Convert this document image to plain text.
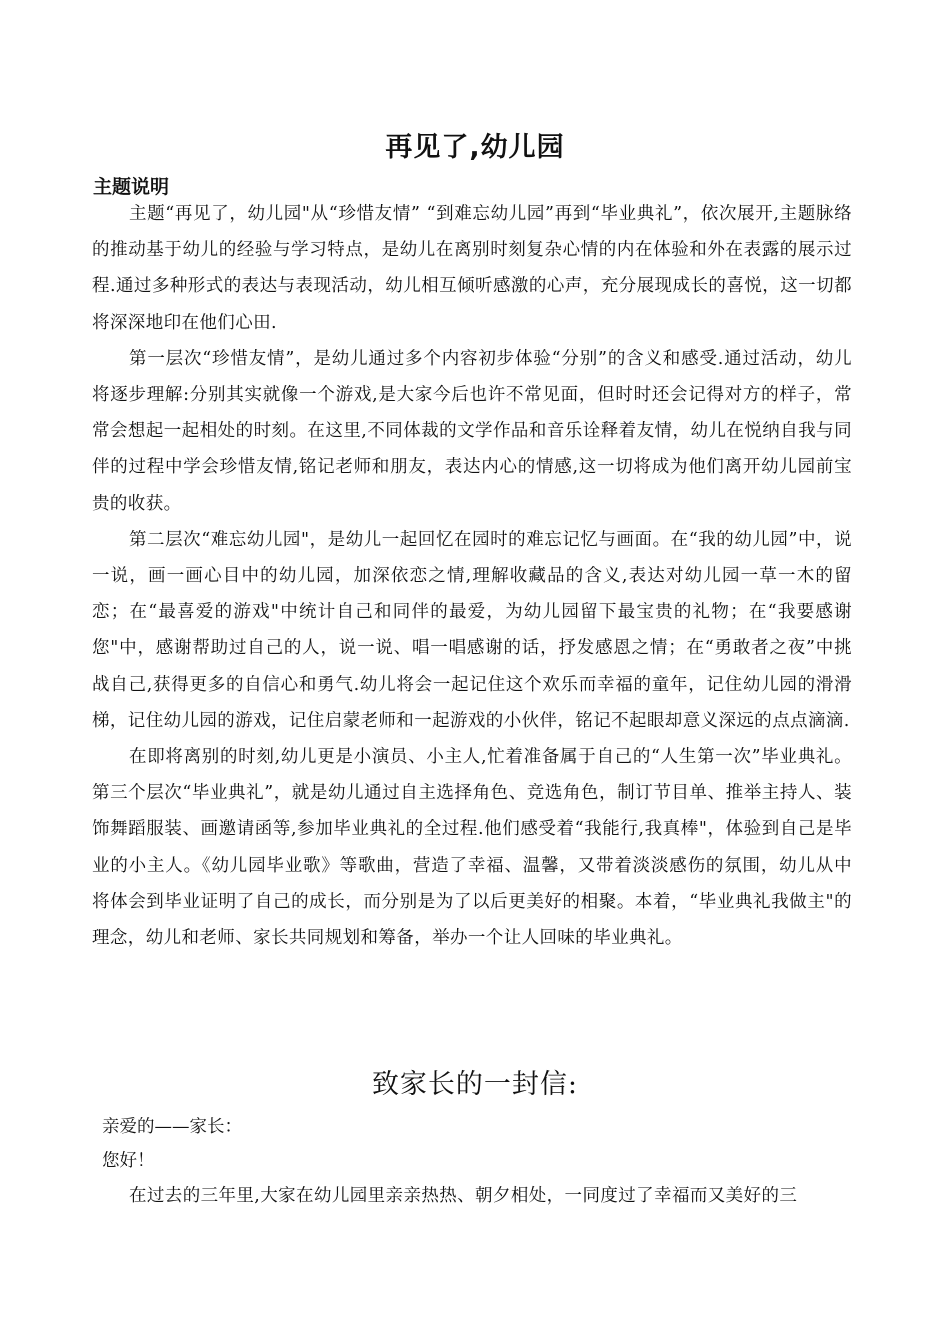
再见了,幼儿园
主题说明

主题“再见了，幼儿园"从“珍惜友情” “到难忘幼儿园”再到“毕业典礼”，依次展开,主题脉络的推动基于幼儿的经验与学习特点，是幼儿在离别时刻复杂心情的内在体验和外在表露的展示过程.通过多种形式的表达与表现活动，幼儿相互倾听感激的心声，充分展现成长的喜悦，这一切都将深深地印在他们心田.

第一层次“珍惜友情”，是幼儿通过多个内容初步体验“分别”的含义和感受.通过活动，幼儿将逐步理解:分别其实就像一个游戏,是大家今后也许不常见面，但时时还会记得对方的样子，常常会想起一起相处的时刻。在这里,不同体裁的文学作品和音乐诠释着友情，幼儿在悦纳自我与同伴的过程中学会珍惜友情,铭记老师和朋友，表达内心的情感,这一切将成为他们离开幼儿园前宝贵的收获。

第二层次“难忘幼儿园"，是幼儿一起回忆在园时的难忘记忆与画面。在“我的幼儿园”中，说一说，画一画心目中的幼儿园，加深依恋之情,理解收藏品的含义,表达对幼儿园一草一木的留恋；在“最喜爱的游戏"中统计自己和同伴的最爱，为幼儿园留下最宝贵的礼物；在“我要感谢您"中，感谢帮助过自己的人，说一说、唱一唱感谢的话，抒发感恩之情；在“勇敢者之夜”中挑战自己,获得更多的自信心和勇气.幼儿将会一起记住这个欢乐而幸福的童年，记住幼儿园的滑滑梯，记住幼儿园的游戏，记住启蒙老师和一起游戏的小伙伴，铭记不起眼却意义深远的点点滴滴.

在即将离别的时刻,幼儿更是小演员、小主人,忙着准备属于自己的“人生第一次”毕业典礼。第三个层次“毕业典礼”，就是幼儿通过自主选择角色、竞选角色，制订节目单、推举主持人、装饰舞蹈服装、画邀请函等,参加毕业典礼的全过程.他们感受着“我能行,我真棒"，体验到自己是毕业的小主人。《幼儿园毕业歌》等歌曲，营造了幸福、温馨，又带着淡淡感伤的氛围，幼儿从中将体会到毕业证明了自己的成长，而分别是为了以后更美好的相聚。本着，“毕业典礼我做主"的理念，幼儿和老师、家长共同规划和筹备，举办一个让人回味的毕业典礼。

致家长的一封信:

亲爱的——家长：

您好！

在过去的三年里,大家在幼儿园里亲亲热热、朝夕相处，一同度过了幸福而又美好的三
